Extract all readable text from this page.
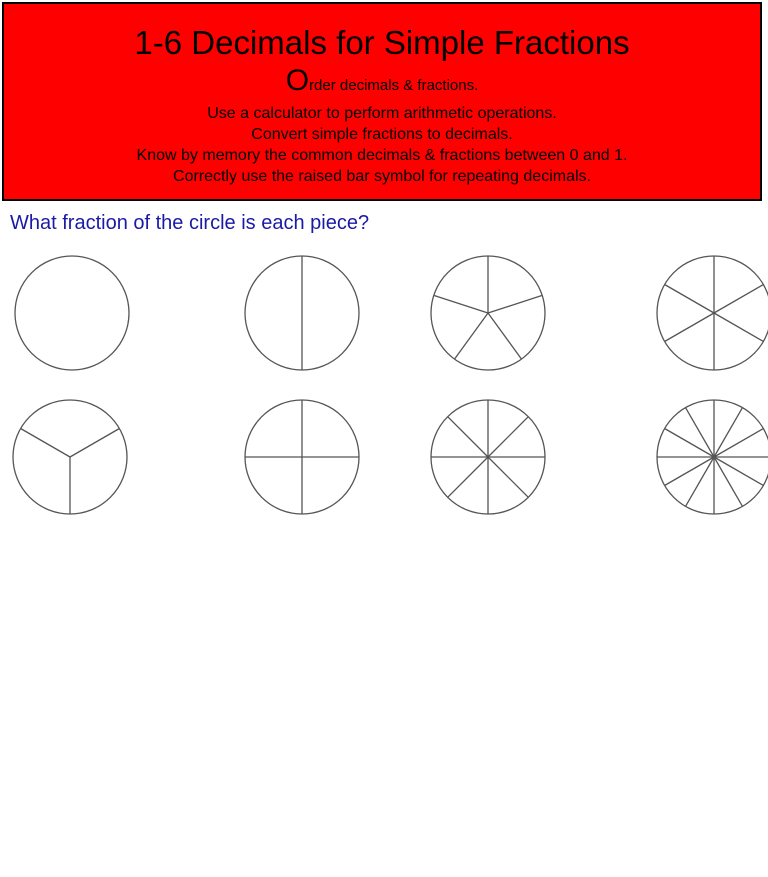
1-6 Decimals for Simple Fractions
Order decimals & fractions.
Use a calculator to perform arithmetic operations.
Convert simple fractions to decimals.
Know by memory the common decimals & fractions between 0 and 1.
Correctly use the raised bar symbol for repeating decimals.
What fraction of the circle is each piece?
